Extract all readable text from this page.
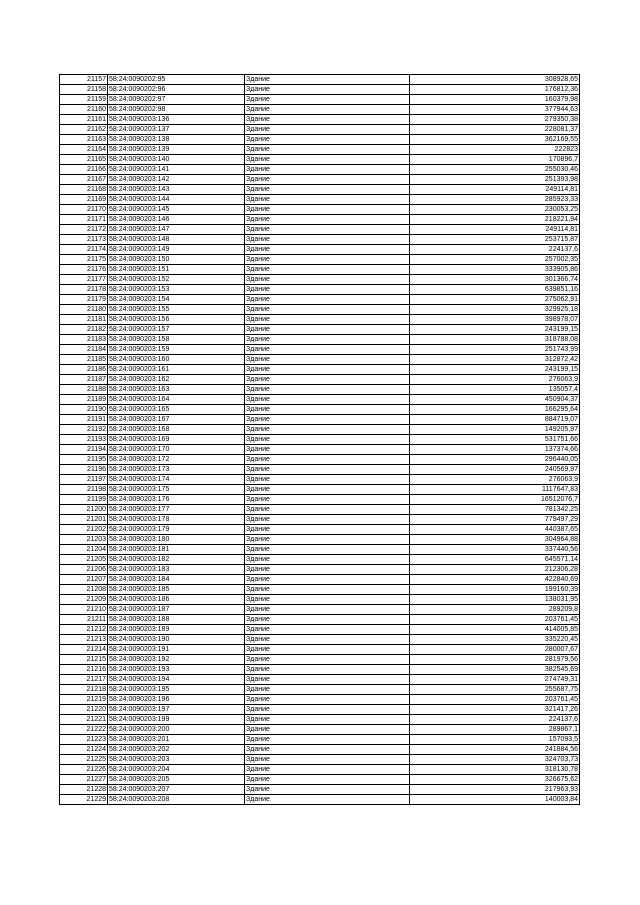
21157	58:24:0090202:95	Здание	308928,65
21158	58:24:0090202:96	Здание	176812,36
21159	58:24:0090202:97	Здание	160379,98
21160	58:24:0090202:98	Здание	377944,63
21161	58:24:0090203:136	Здание	279350,38
21162	58:24:0090203:137	Здание	228081,37
21163	58:24:0090203:138	Здание	362169,55
21164	58:24:0090203:139	Здание	222823
21165	58:24:0090203:140	Здание	170896,7
21166	58:24:0090203:141	Здание	255030,46
21167	58:24:0090203:142	Здание	251393,98
21168	58:24:0090203:143	Здание	249114,81
21169	58:24:0090203:144	Здание	285923,33
21170	58:24:0090203:145	Здание	230053,25
21171	58:24:0090203:146	Здание	218221,94
21172	58:24:0090203:147	Здание	249114,81
21173	58:24:0090203:148	Здание	253715,87
21174	58:24:0090203:149	Здание	224137,6
21175	58:24:0090203:150	Здание	257002,35
21176	58:24:0090203:151	Здание	333905,86
21177	58:24:0090203:152	Здание	301366,74
21178	58:24:0090203:153	Здание	639851,16
21179	58:24:0090203:154	Здание	275062,91
21180	58:24:0090203:155	Здание	329925,18
21181	58:24:0090203:156	Здание	398978,07
21182	58:24:0090203:157	Здание	243199,15
21183	58:24:0090203:158	Здание	318788,08
21184	58:24:0090203:159	Здание	251743,99
21185	58:24:0090203:160	Здание	312872,42
21186	58:24:0090203:161	Здание	243199,15
21187	58:24:0090203:162	Здание	276063,9
21188	58:24:0090203:163	Здание	135057,4
21189	58:24:0090203:164	Здание	450904,37
21190	58:24:0090203:165	Здание	166295,64
21191	58:24:0090203:167	Здание	884719,07
21192	58:24:0090203:168	Здание	149205,97
21193	58:24:0090203:169	Здание	531751,66
21194	58:24:0090203:170	Здание	137374,66
21195	58:24:0090203:172	Здание	296440,05
21196	58:24:0090203:173	Здание	240569,97
21197	58:24:0090203:174	Здание	276063,9
21198	58:24:0090203:175	Здание	1117647,83
21199	58:24:0090203:176	Здание	16512076,7
21200	58:24:0090203:177	Здание	781342,25
21201	58:24:0090203:178	Здание	779497,29
21202	58:24:0090203:179	Здание	440387,65
21203	58:24:0090203:180	Здание	304964,88
21204	58:24:0090203:181	Здание	337440,56
21205	58:24:0090203:182	Здание	645571,14
21206	58:24:0090203:183	Здание	212306,28
21207	58:24:0090203:184	Здание	422840,69
21208	58:24:0090203:185	Здание	199160,39
21209	58:24:0090203:186	Здание	138031,95
21210	58:24:0090203:187	Здание	289209,8
21211	58:24:0090203:188	Здание	203761,45
21212	58:24:0090203:189	Здание	414005,85
21213	58:24:0090203:190	Здание	335220,45
21214	58:24:0090203:191	Здание	280007,67
21215	58:24:0090203:192	Здание	281979,56
21216	58:24:0090203:193	Здание	382545,69
21217	58:24:0090203:194	Здание	274749,31
21218	58:24:0090203:195	Здание	255687,75
21219	58:24:0090203:196	Здание	203761,45
21220	58:24:0090203:197	Здание	321417,26
21221	58:24:0090203:199	Здание	224137,6
21222	58:24:0090203:200	Здание	289867,1
21223	58:24:0090203:201	Здание	157093,5
21224	58:24:0090203:202	Здание	241884,56
21225	58:24:0090203:203	Здание	324703,73
21226	58:24:0090203:204	Здание	318130,78
21227	58:24:0090203:205	Здание	326675,62
21228	58:24:0090203:207	Здание	217963,93
21229	58:24:0090203:208	Здание	140003,84
